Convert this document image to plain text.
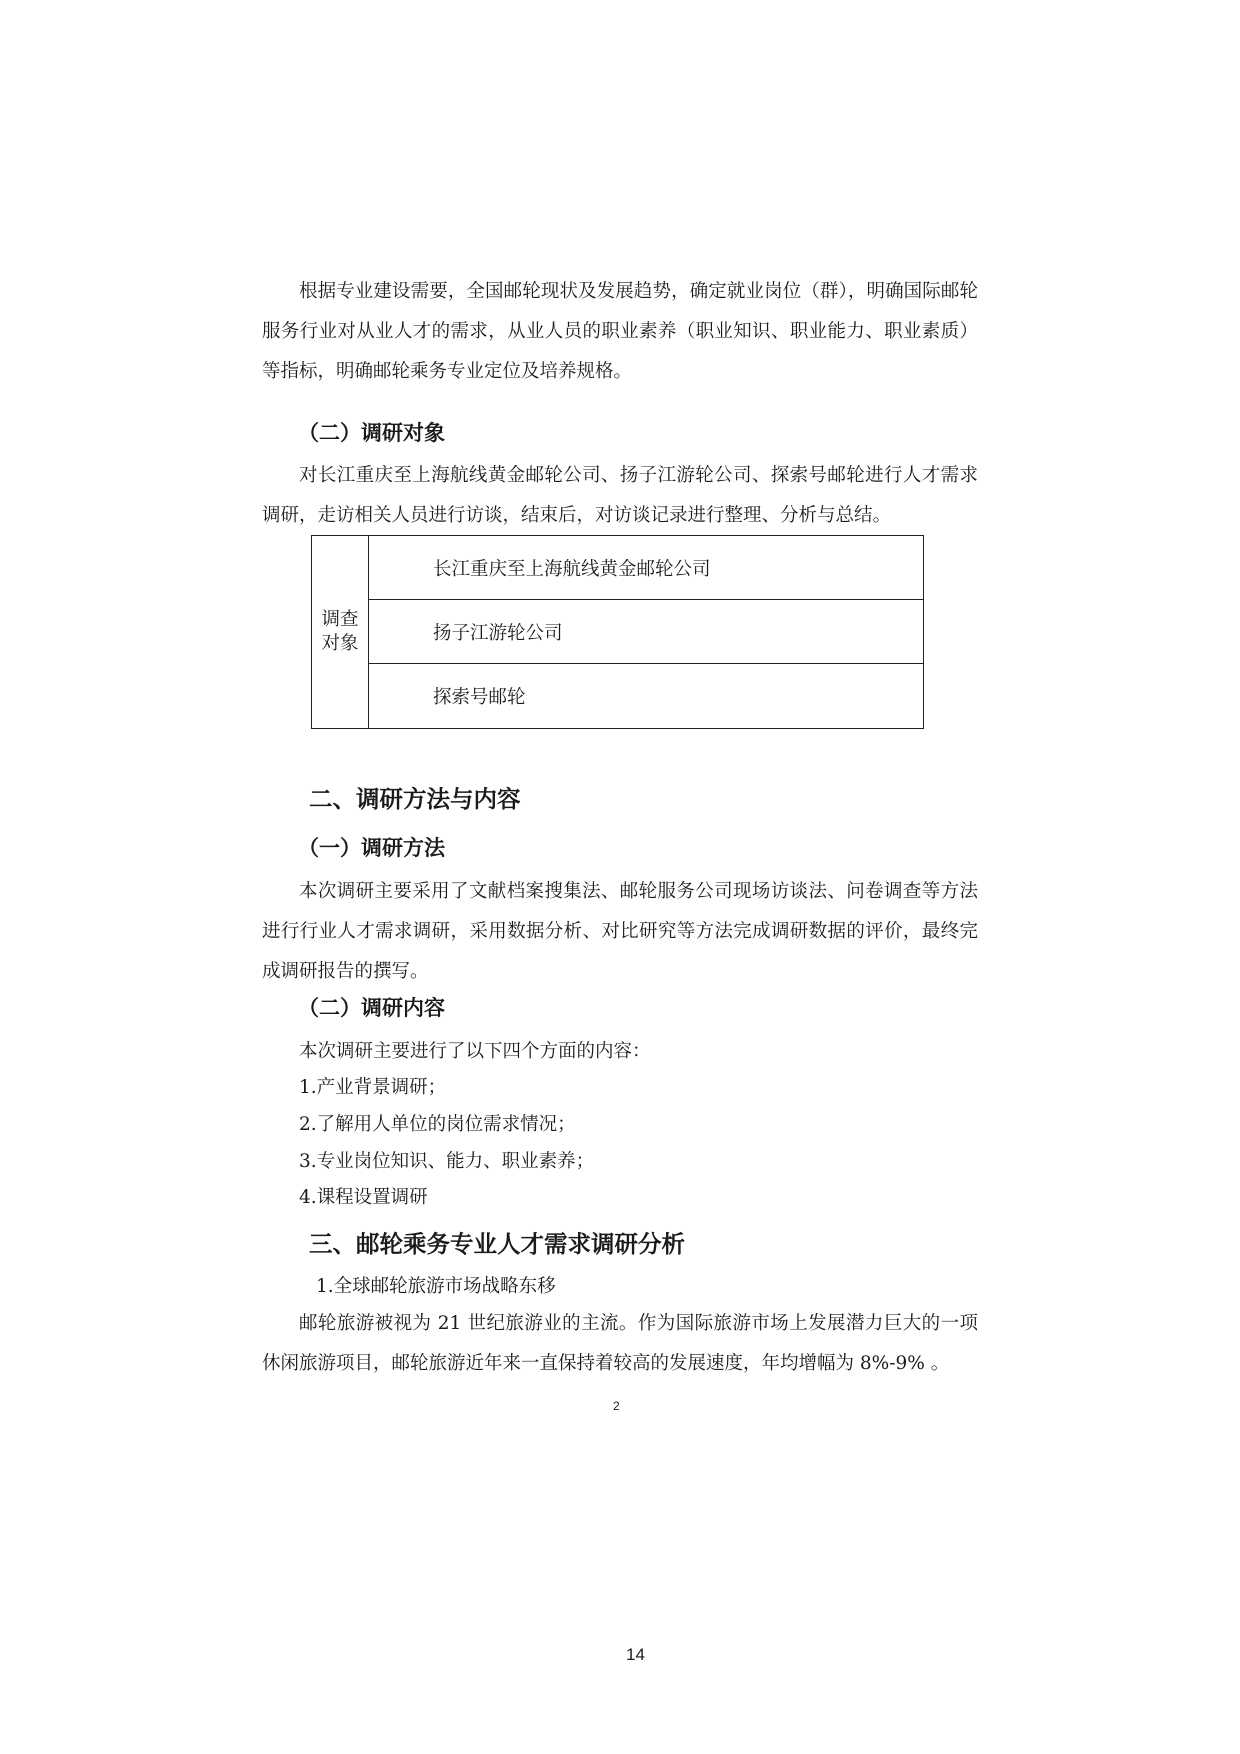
根据专业建设需要，全国邮轮现状及发展趋势，确定就业岗位（群），明确国际邮轮服务行业对从业人才的需求，从业人员的职业素养（职业知识、职业能力、职业素质）等指标，明确邮轮乘务专业定位及培养规格。

（二）调研对象

对长江重庆至上海航线黄金邮轮公司、扬子江游轮公司、探索号邮轮进行人才需求调研，走访相关人员进行访谈，结束后，对访谈记录进行整理、分析与总结。

调查
对象	长江重庆至上海航线黄金邮轮公司
扬子江游轮公司
探索号邮轮
二、调研方法与内容
（一）调研方法

本次调研主要采用了文献档案搜集法、邮轮服务公司现场访谈法、问卷调查等方法进行行业人才需求调研，采用数据分析、对比研究等方法完成调研数据的评价，最终完成调研报告的撰写。

（二）调研内容

本次调研主要进行了以下四个方面的内容：

1.产业背景调研；

2.了解用人单位的岗位需求情况；

3.专业岗位知识、能力、职业素养；

4.课程设置调研

三、邮轮乘务专业人才需求调研分析

1.全球邮轮旅游市场战略东移

邮轮旅游被视为 21 世纪旅游业的主流。作为国际旅游市场上发展潜力巨大的一项休闲旅游项目，邮轮旅游近年来一直保持着较高的发展速度，年均增幅为 8%-9% 。

2
14
